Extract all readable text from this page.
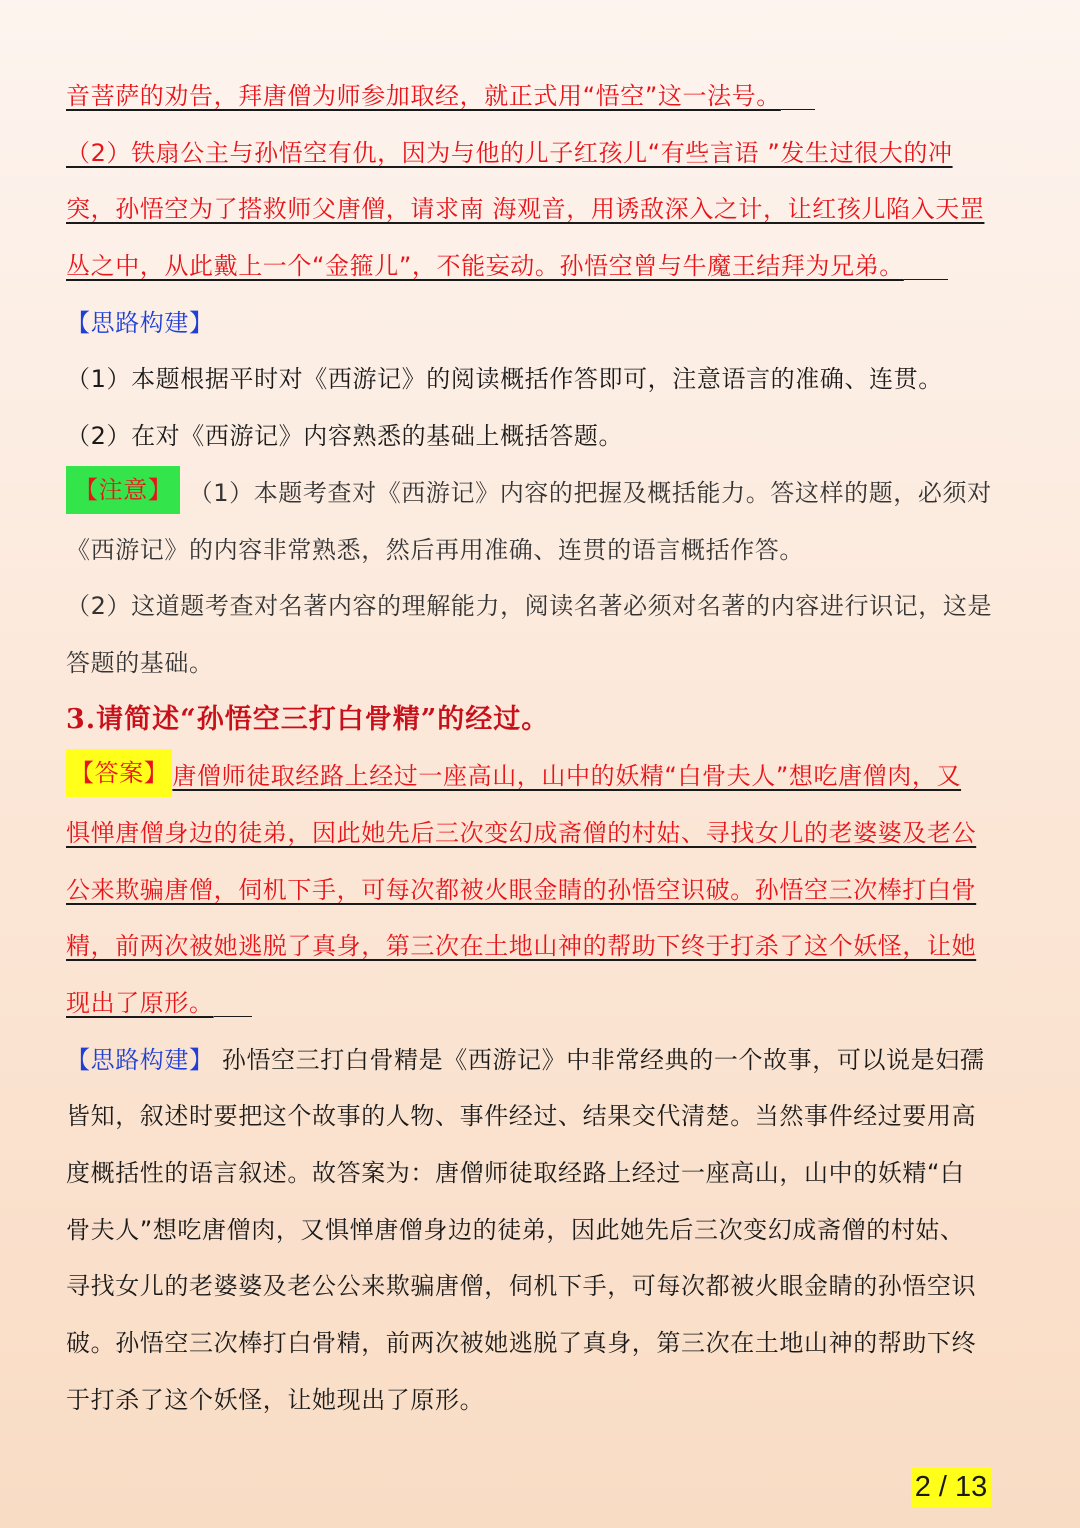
音菩萨的劝告，拜唐僧为师参加取经，就正式用“悟空”这一法号。
（2）铁扇公主与孙悟空有仇，因为与他的儿子红孩儿“有些言语 ”发生过很大的冲
突，孙悟空为了搭救师父唐僧，请求南 海观音，用诱敌深入之计，让红孩儿陷入天罡
丛之中，从此戴上一个“金箍儿”，不能妄动。孙悟空曾与牛魔王结拜为兄弟。
【思路构建】
（1）本题根据平时对《西游记》的阅读概括作答即可，注意语言的准确、连贯。
（2）在对《西游记》内容熟悉的基础上概括答题。
【注意】 （1）本题考查对《西游记》内容的把握及概括能力。答这样的题，必须对
《西游记》的内容非常熟悉，然后再用准确、连贯的语言概括作答。
（2）这道题考查对名著内容的理解能力，阅读名著必须对名著的内容进行识记，这是
答题的基础。
3.请简述“孙悟空三打白骨精”的经过。
【答案】 唐僧师徒取经路上经过一座高山，山中的妖精“白骨夫人”想吃唐僧肉，又
惧惮唐僧身边的徒弟，因此她先后三次变幻成斋僧的村姑、寻找女儿的老婆婆及老公
公来欺骗唐僧，伺机下手，可每次都被火眼金睛的孙悟空识破。孙悟空三次棒打白骨
精，前两次被她逃脱了真身，第三次在土地山神的帮助下终于打杀了这个妖怪，让她
现出了原形。
【思路构建】 孙悟空三打白骨精是《西游记》中非常经典的一个故事，可以说是妇孺
皆知，叙述时要把这个故事的人物、事件经过、结果交代清楚。当然事件经过要用高
度概括性的语言叙述。故答案为：唐僧师徒取经路上经过一座高山，山中的妖精“白
骨夫人”想吃唐僧肉，又惧惮唐僧身边的徒弟，因此她先后三次变幻成斋僧的村姑、
寻找女儿的老婆婆及老公公来欺骗唐僧，伺机下手，可每次都被火眼金睛的孙悟空识
破。孙悟空三次棒打白骨精，前两次被她逃脱了真身，第三次在土地山神的帮助下终
于打杀了这个妖怪，让她现出了原形。
2 / 13
